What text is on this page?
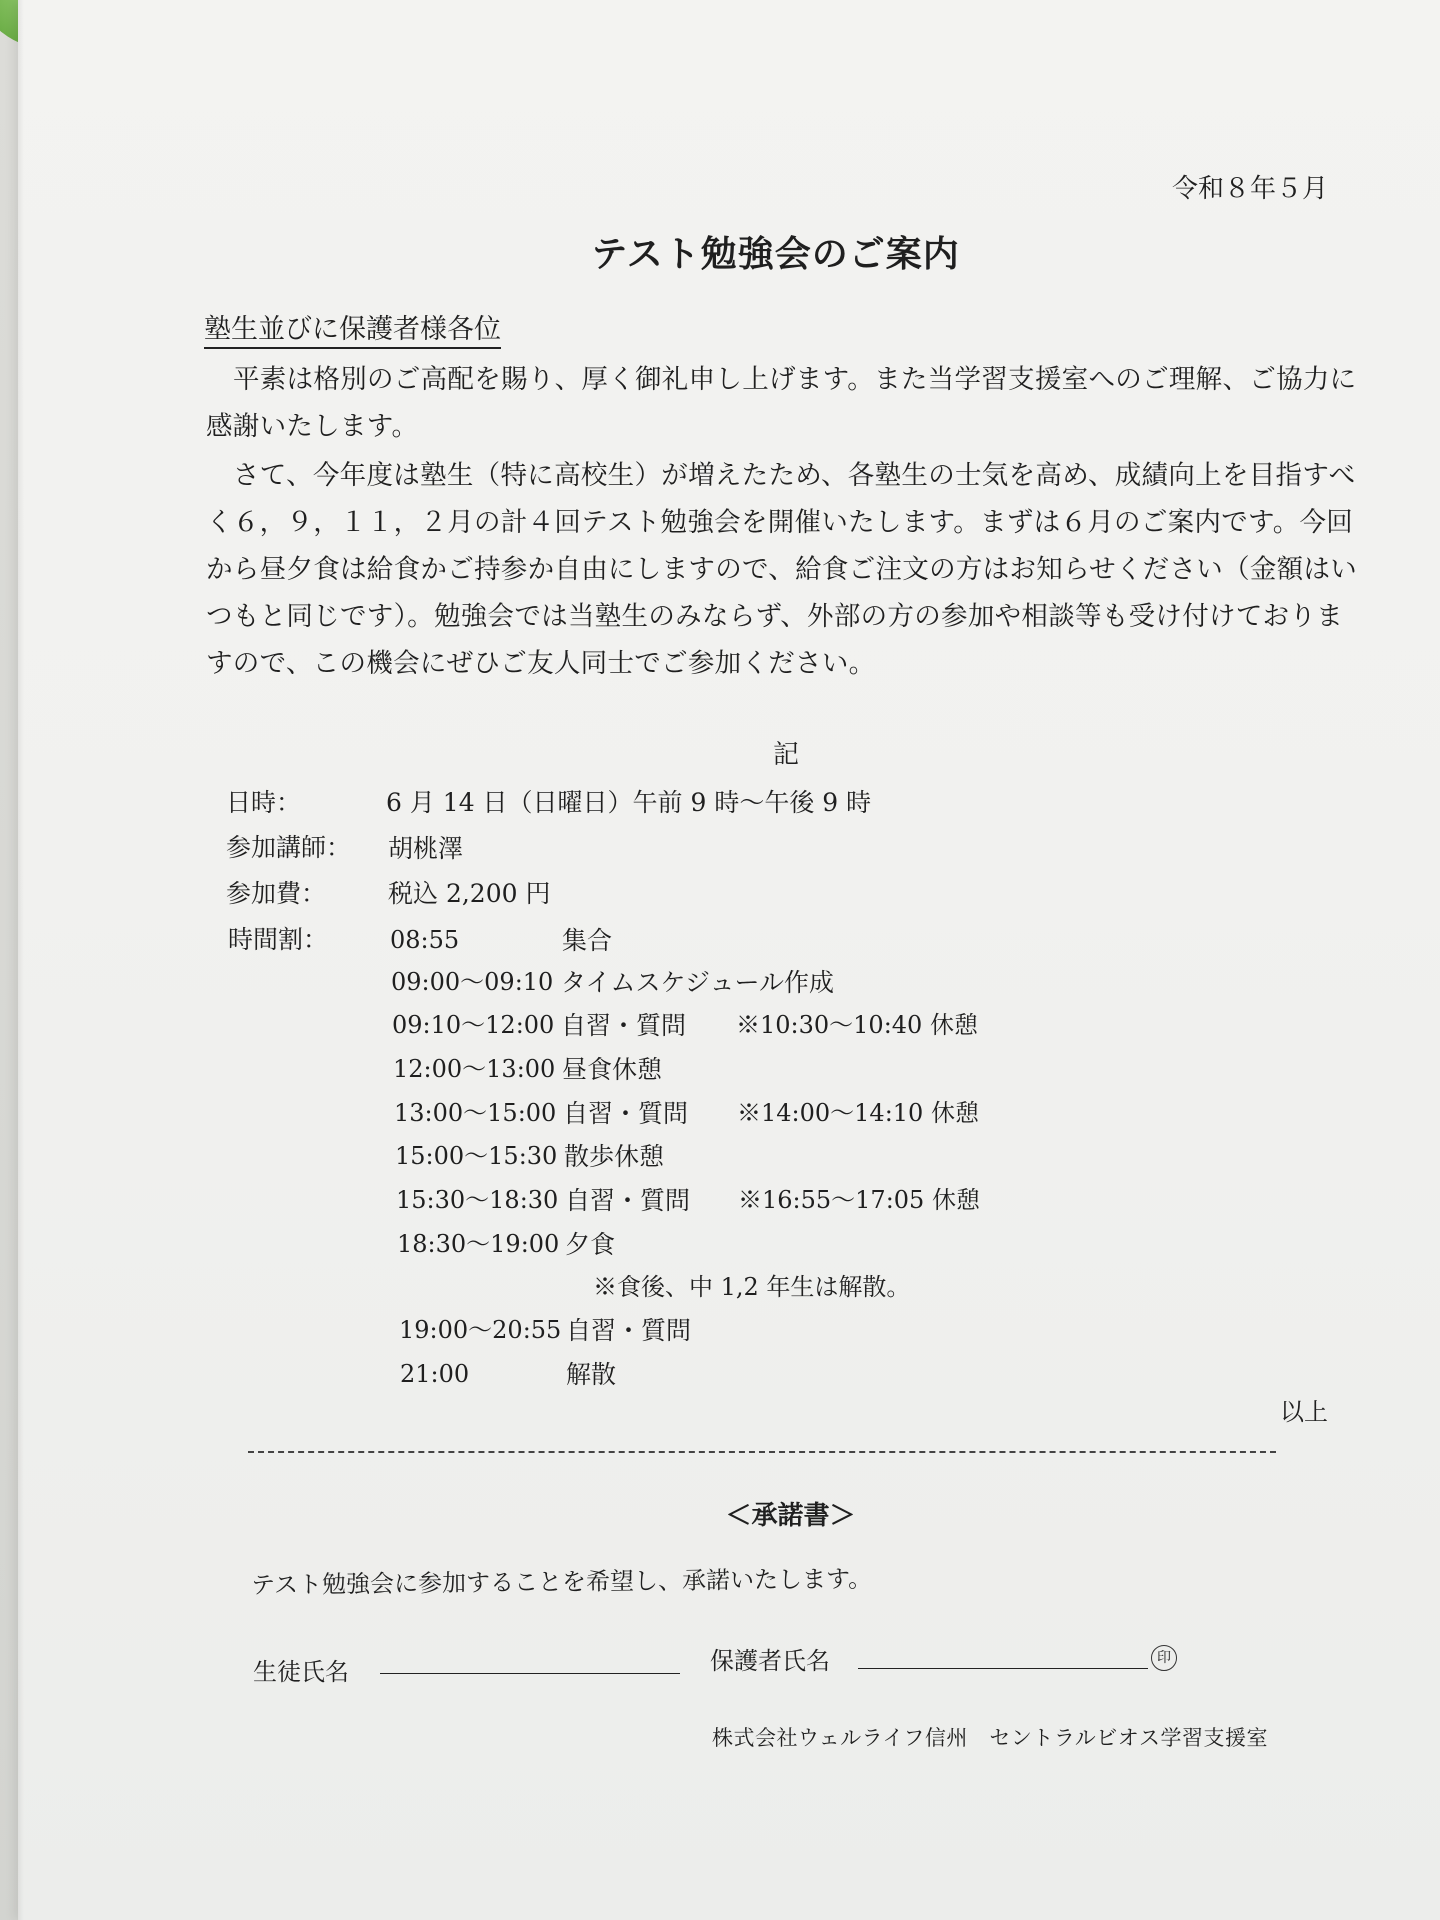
令和８年５月
テスト勉強会のご案内
塾生並びに保護者様各位
平素は格別のご高配を賜り、厚く御礼申し上げます。また当学習支援室へのご理解、ご協力に感謝いたします。
さて、今年度は塾生（特に高校生）が増えたため、各塾生の士気を高め、成績向上を目指すべく６，９，１１，２月の計４回テスト勉強会を開催いたします。まずは６月のご案内です。今回から昼夕食は給食かご持参か自由にしますので、給食ご注文の方はお知らせください（金額はいつもと同じです）。勉強会では当塾生のみならず、外部の方の参加や相談等も受け付けておりますので、この機会にぜひご友人同士でご参加ください。
記
日時：	6 月 14 日（日曜日）午前 9 時～午後 9 時
参加講師： 胡桃澤
参加費： 税込 2,200 円
時間割：	08:55	集合
09:00～09:10 タイムスケジュール作成
09:10～12:00 自習・質問 ※10:30～10:40 休憩
12:00～13:00 昼食休憩
13:00～15:00 自習・質問 ※14:00～14:10 休憩
15:00～15:30 散歩休憩
15:30～18:30 自習・質問 ※16:55～17:05 休憩
18:30～19:00 夕食
※食後、中 1,2 年生は解散。
19:00～20:55 自習・質問
21:00	解散
以上
＜承諾書＞
テスト勉強会に参加することを希望し、承諾いたします。
生徒氏名	保護者氏名	印
株式会社ウェルライフ信州　セントラルビオス学習支援室
